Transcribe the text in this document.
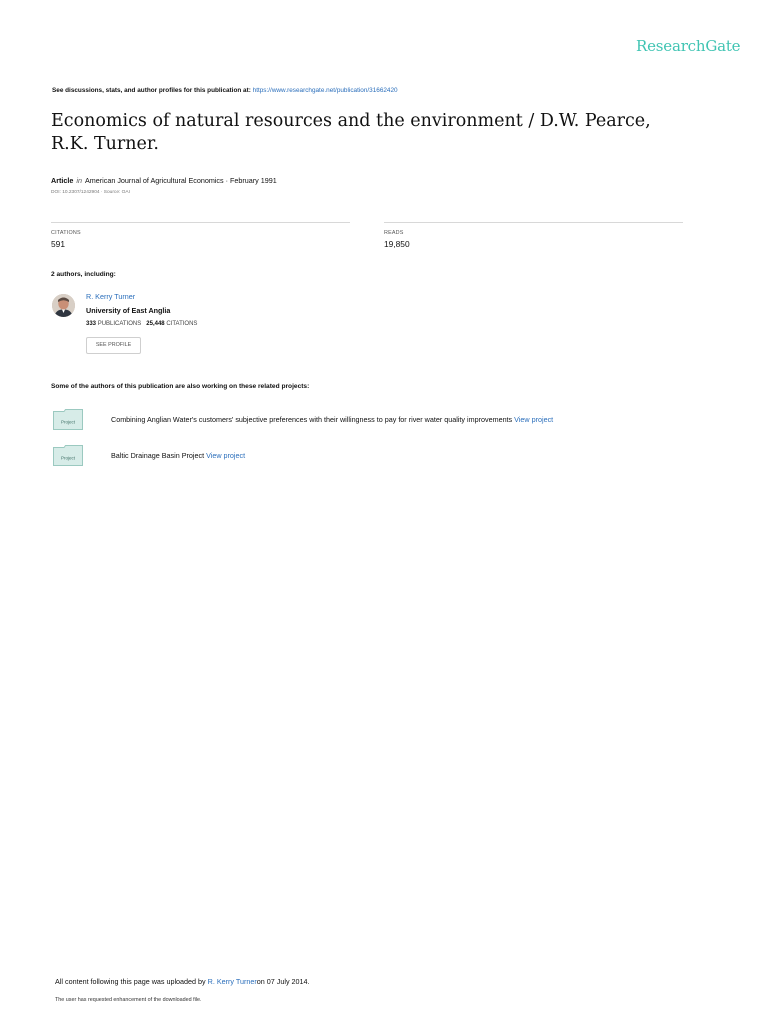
ResearchGate
See discussions, stats, and author profiles for this publication at: https://www.researchgate.net/publication/31662420
Economics of natural resources and the environment / D.W. Pearce, R.K. Turner.
Article in American Journal of Agricultural Economics · February 1991
DOI: 10.2307/1242904 · Source: OAI
CITATIONS
591
READS
19,850
2 authors, including:
R. Kerry Turner
University of East Anglia
333 PUBLICATIONS 25,448 CITATIONS
SEE PROFILE
Some of the authors of this publication are also working on these related projects:
Project	Combining Anglian Water's customers' subjective preferences with their willingness to pay for river water quality improvements View project
Project	Baltic Drainage Basin Project View project
All content following this page was uploaded by R. Kerry Turneron 07 July 2014.
The user has requested enhancement of the downloaded file.
